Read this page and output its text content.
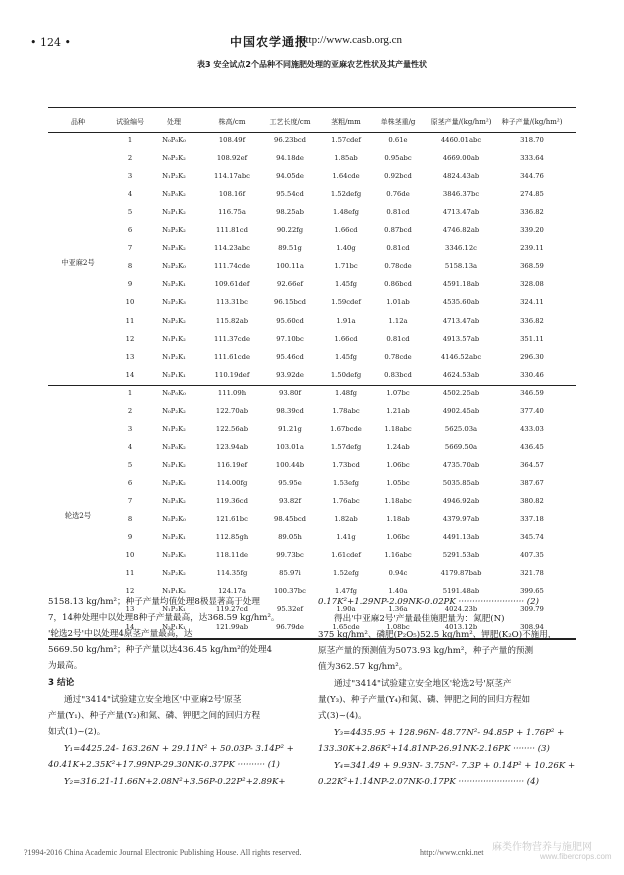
• 124 •	中国农学通报
http://www.casb.org.cn
表3 安全试点2个品种不同施肥处理的亚麻农艺性状及其产量性状
品种	试验编号	处理	株高/cm	工艺长度/cm	茎粗/mm	单株茎重/g 原茎产量/(kg/hm²) 种子产量/(kg/hm²)
1	N₀P₀K₀	108.49f	96.23bcd	1.57cdef	0.61e	4460.01abc	318.70
2	N₀P₂K₂	108.92ef	94.18de	1.85ab	0.95abc	4669.00ab	333.64
3	N₁P₂K₂	114.17abc	94.05de	1.64cde	0.92bcd	4824.43ab	344.76
4	N₂P₀K₂	108.16f	95.54cd	1.52defg	0.76de	3846.37bc	274.85
5	N₂P₁K₂	116.75a	98.25ab	1.48efg	0.81cd	4713.47ab	336.82
6	N₂P₂K₂	111.81cd	90.22fg	1.66cd	0.87bcd	4746.82ab	339.20
7	N₂P₃K₂	114.23abc	89.51g	1.40g	0.81cd	3346.12c	239.11
8	N₂P₂K₀	111.74cde	100.11a	1.71bc	0.78cde	5158.13a	368.59
9	N₂P₂K₁	109.61def	92.66ef	1.45fg	0.86bcd	4591.18ab	328.08
10	N₂P₂K₃	113.31bc	96.15bcd	1.59cdef	1.01ab	4535.60ab	324.11
11	N₃P₂K₂	115.82ab	95.60cd	1.91a	1.12a	4713.47ab	336.82
12	N₁P₁K₂	111.37cde	97.10bc	1.66cd	0.81cd	4913.57ab	351.11
13	N₁P₂K₁	111.61cde	95.46cd	1.45fg	0.78cde	4146.52abc	296.30
14	N₂P₁K₁	110.19def	93.92de	1.50defg	0.83bcd	4624.53ab	330.46
中亚麻2号
1	N₀P₀K₀	111.09h	93.80f	1.48fg	1.07bc	4502.25ab	346.59
2	N₀P₂K₂	122.70ab	98.39cd	1.78abc	1.21ab	4902.45ab	377.40
3	N₁P₂K₂	122.56ab	91.21g	1.67bcde	1.18abc	5625.03a	433.03
4	N₂P₀K₂	123.94ab	103.01a	1.57defg	1.24ab	5669.50a	436.45
5	N₂P₁K₂	116.19ef	100.44b	1.73bcd	1.06bc	4735.70ab	364.57
6	N₂P₂K₂	114.00fg	95.95e	1.53efg	1.05bc	5035.85ab	387.67
7	N₂P₃K₂	119.36cd	93.82f	1.76abc	1.18abc	4946.92ab	380.82
8	N₂P₂K₀	121.61bc	98.45bcd	1.82ab	1.18ab	4379.97ab	337.18
9	N₂P₂K₁	112.85gh	89.05h	1.41g	1.06bc	4491.13ab	345.74
10	N₂P₂K₃	118.11de	99.73bc	1.61cdef	1.16abc	5291.53ab	407.35
11	N₃P₂K₂	114.35fg	85.97i	1.52efg	0.94c	4179.87bab	321.78
12	N₁P₁K₂	124.17a	100.37bc	1.47fg	1.40a	5191.48ab	399.65
13	N₁P₂K₁	119.27cd	95.32ef	1.90a	1.36a	4024.23b	309.79
14	N₂P₁K₁	121.99ab	96.79de	1.65cde	1.08bc	4013.12b	308.94
轮选2号
5158.13 kg/hm²；种子产量均值处理8极显著高于处理
7，14种处理中以处理8种子产量最高，达368.59 kg/hm²。
'轮选2号'中以处理4原茎产量最高，达
5669.50 kg/hm²；种子产量以达436.45 kg/hm²的处理4
为最高。
3 结论
通过"3414"试验建立安全地区'中亚麻2号'原茎
产量(Y₁)、种子产量(Y₂)和氮、磷、钾肥之间的回归方程
如式(1)~(2)。
Y₁=4425.24- 163.26N + 29.11N² + 50.03P- 3.14P² +
40.41K+2.35K²+17.99NP-29.30NK-0.37PK ·········· (1)
Y₂=316.21-11.66N+2.08N²+3.56P-0.22P²+2.89K+
0.17K²+1.29NP-2.09NK-0.02PK ························ (2)
得出'中亚麻2号'产量最佳施肥量为：氮肥(N)
375 kg/hm²、磷肥(P₂O₅)52.5 kg/hm²、钾肥(K₂O)不施用，
原茎产量的预测值为5073.93 kg/hm²，种子产量的预测
值为362.57 kg/hm²。
通过"3414"试验建立安全地区'轮选2号'原茎产
量(Y₃)、种子产量(Y₄)和氮、磷、钾肥之间的回归方程如
式(3)~(4)。
Y₃=4435.95 + 128.96N- 48.77N²- 94.85P + 1.76P² +
133.30K+2.86K²+14.81NP-26.91NK-2.16PK ········ (3)
Y₄=341.49 + 9.93N- 3.75N²- 7.3P + 0.14P² + 10.26K +
0.22K²+1.14NP-2.07NK-0.17PK ························ (4)
?1994-2016 China Academic Journal Electronic Publishing House. All rights reserved.	http://www.cnki.net 麻类作物营养与施肥网
www.fibercrops.com
